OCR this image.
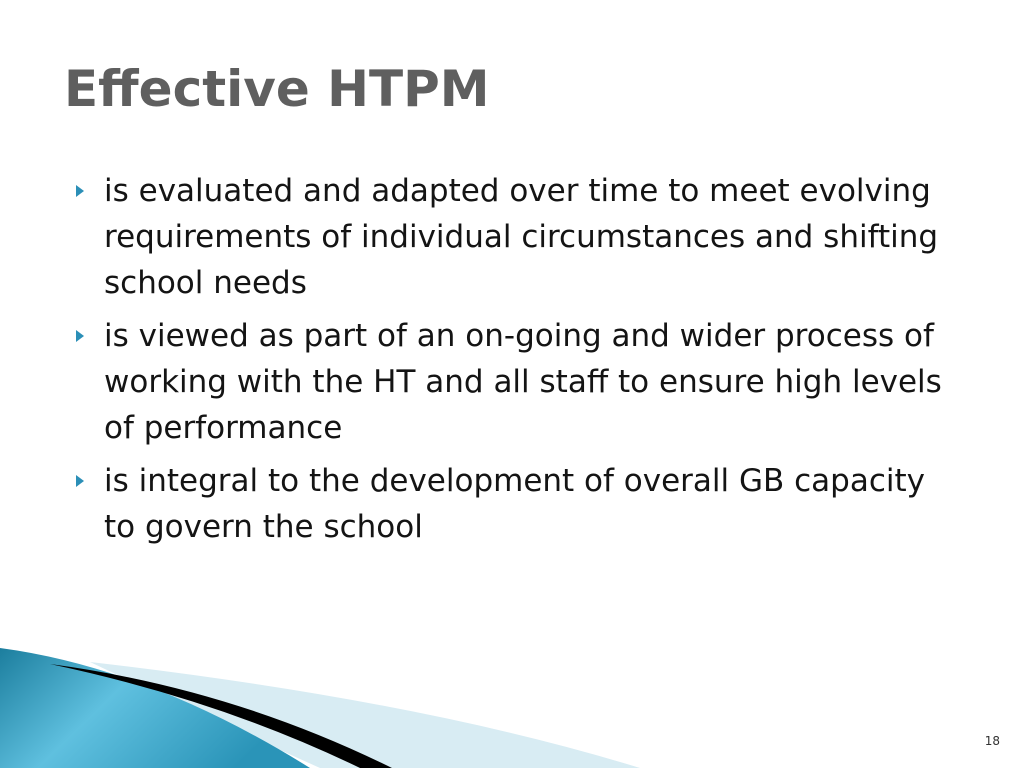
Effective HTPM
is evaluated and adapted over time to meet evolving requirements of individual circumstances and shifting school needs
is viewed as part of an on-going and wider process of working with the HT and all staff to ensure high levels of performance
is integral to the development of overall GB capacity to govern the school
18
